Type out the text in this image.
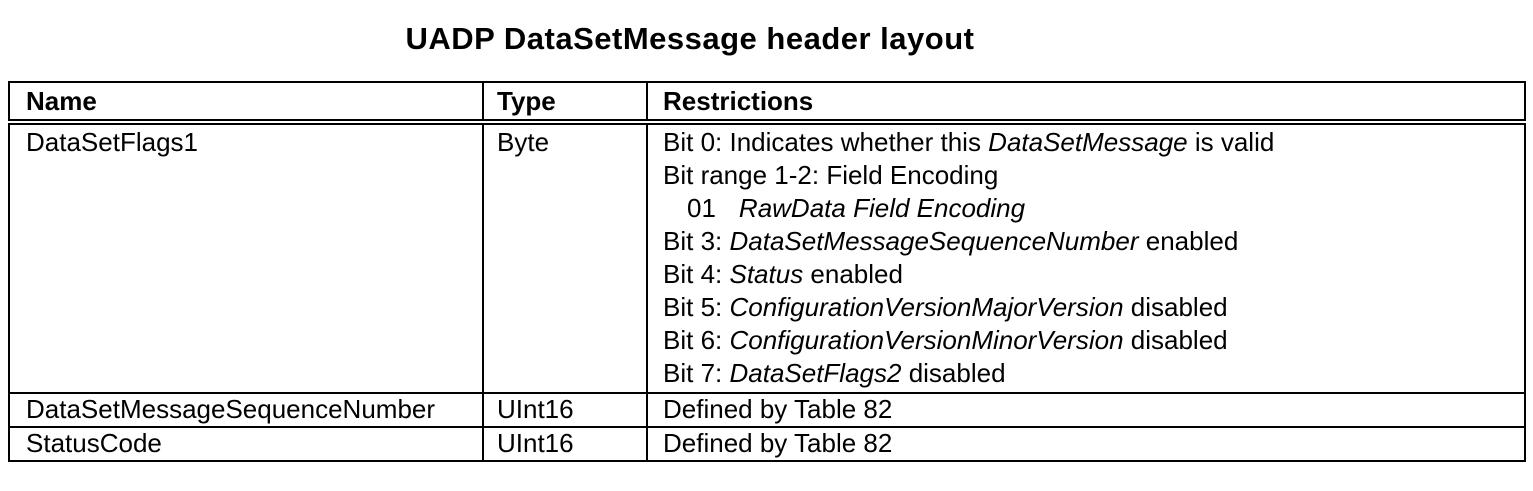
UADP DataSetMessage header layout
Name	Type	Restrictions
DataSetFlags1	Byte	Bit 0: Indicates whether this DataSetMessage is valid
Bit range 1-2: Field Encoding
01 RawData Field Encoding
Bit 3: DataSetMessageSequenceNumber enabled
Bit 4: Status enabled
Bit 5: ConfigurationVersionMajorVersion disabled
Bit 6: ConfigurationVersionMinorVersion disabled
Bit 7: DataSetFlags2 disabled

DataSetMessageSequenceNumber	UInt16	Defined by Table 82

StatusCode	UInt16	Defined by Table 82
